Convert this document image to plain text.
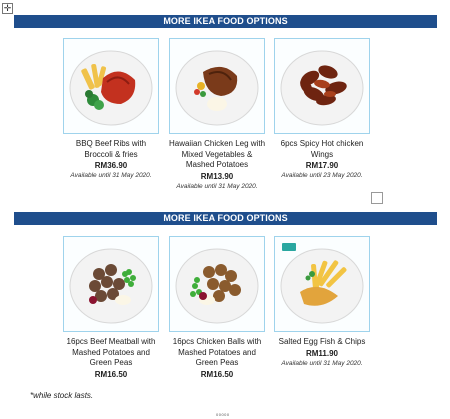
✛
MORE IKEA FOOD OPTIONS
BBQ Beef Ribs with Broccoli & fries
RM36.90
Available until 31 May 2020.
Hawaiian Chicken Leg with Mixed Vegetables & Mashed Potatoes
RM13.90
Available until 31 May 2020.
6pcs Spicy Hot chicken Wings
RM17.90
Available until 23 May 2020.
MORE IKEA FOOD OPTIONS
16pcs Beef Meatball with Mashed Potatoes and Green Peas
RM16.50
16pcs Chicken Balls with Mashed Potatoes and Green Peas
RM16.50
Salted Egg Fish & Chips
RM11.90
Available until 31 May 2020.
*while stock lasts.
00000
